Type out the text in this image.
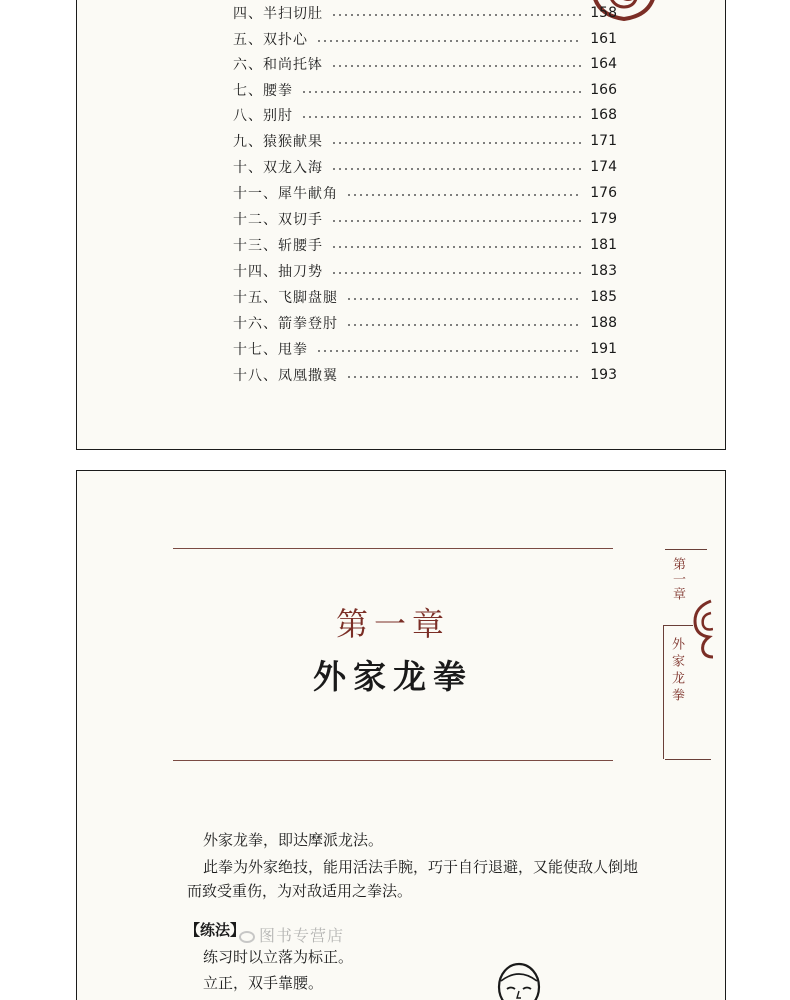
四、半扫切肚	158
五、双扑心	161
六、和尚托钵	164
七、腰拳	166
八、别肘	168
九、猿猴献果	171
十、双龙入海	174
十一、犀牛献角	176
十二、双切手	179
十三、斩腰手	181
十四、抽刀势	183
十五、飞脚盘腿	185
十六、箭拳登肘	188
十七、甩拳	191
十八、凤凰撒翼	193
第一章
外家龙拳
第一章
外家龙拳
外家龙拳，即达摩派龙法。
此拳为外家绝技，能用活法手腕，巧于自行退避，又能使敌人倒地而致受重伤，为对敌适用之拳法。
【练法】 图书专营店
练习时以立落为标正。
立正，双手靠腰。
